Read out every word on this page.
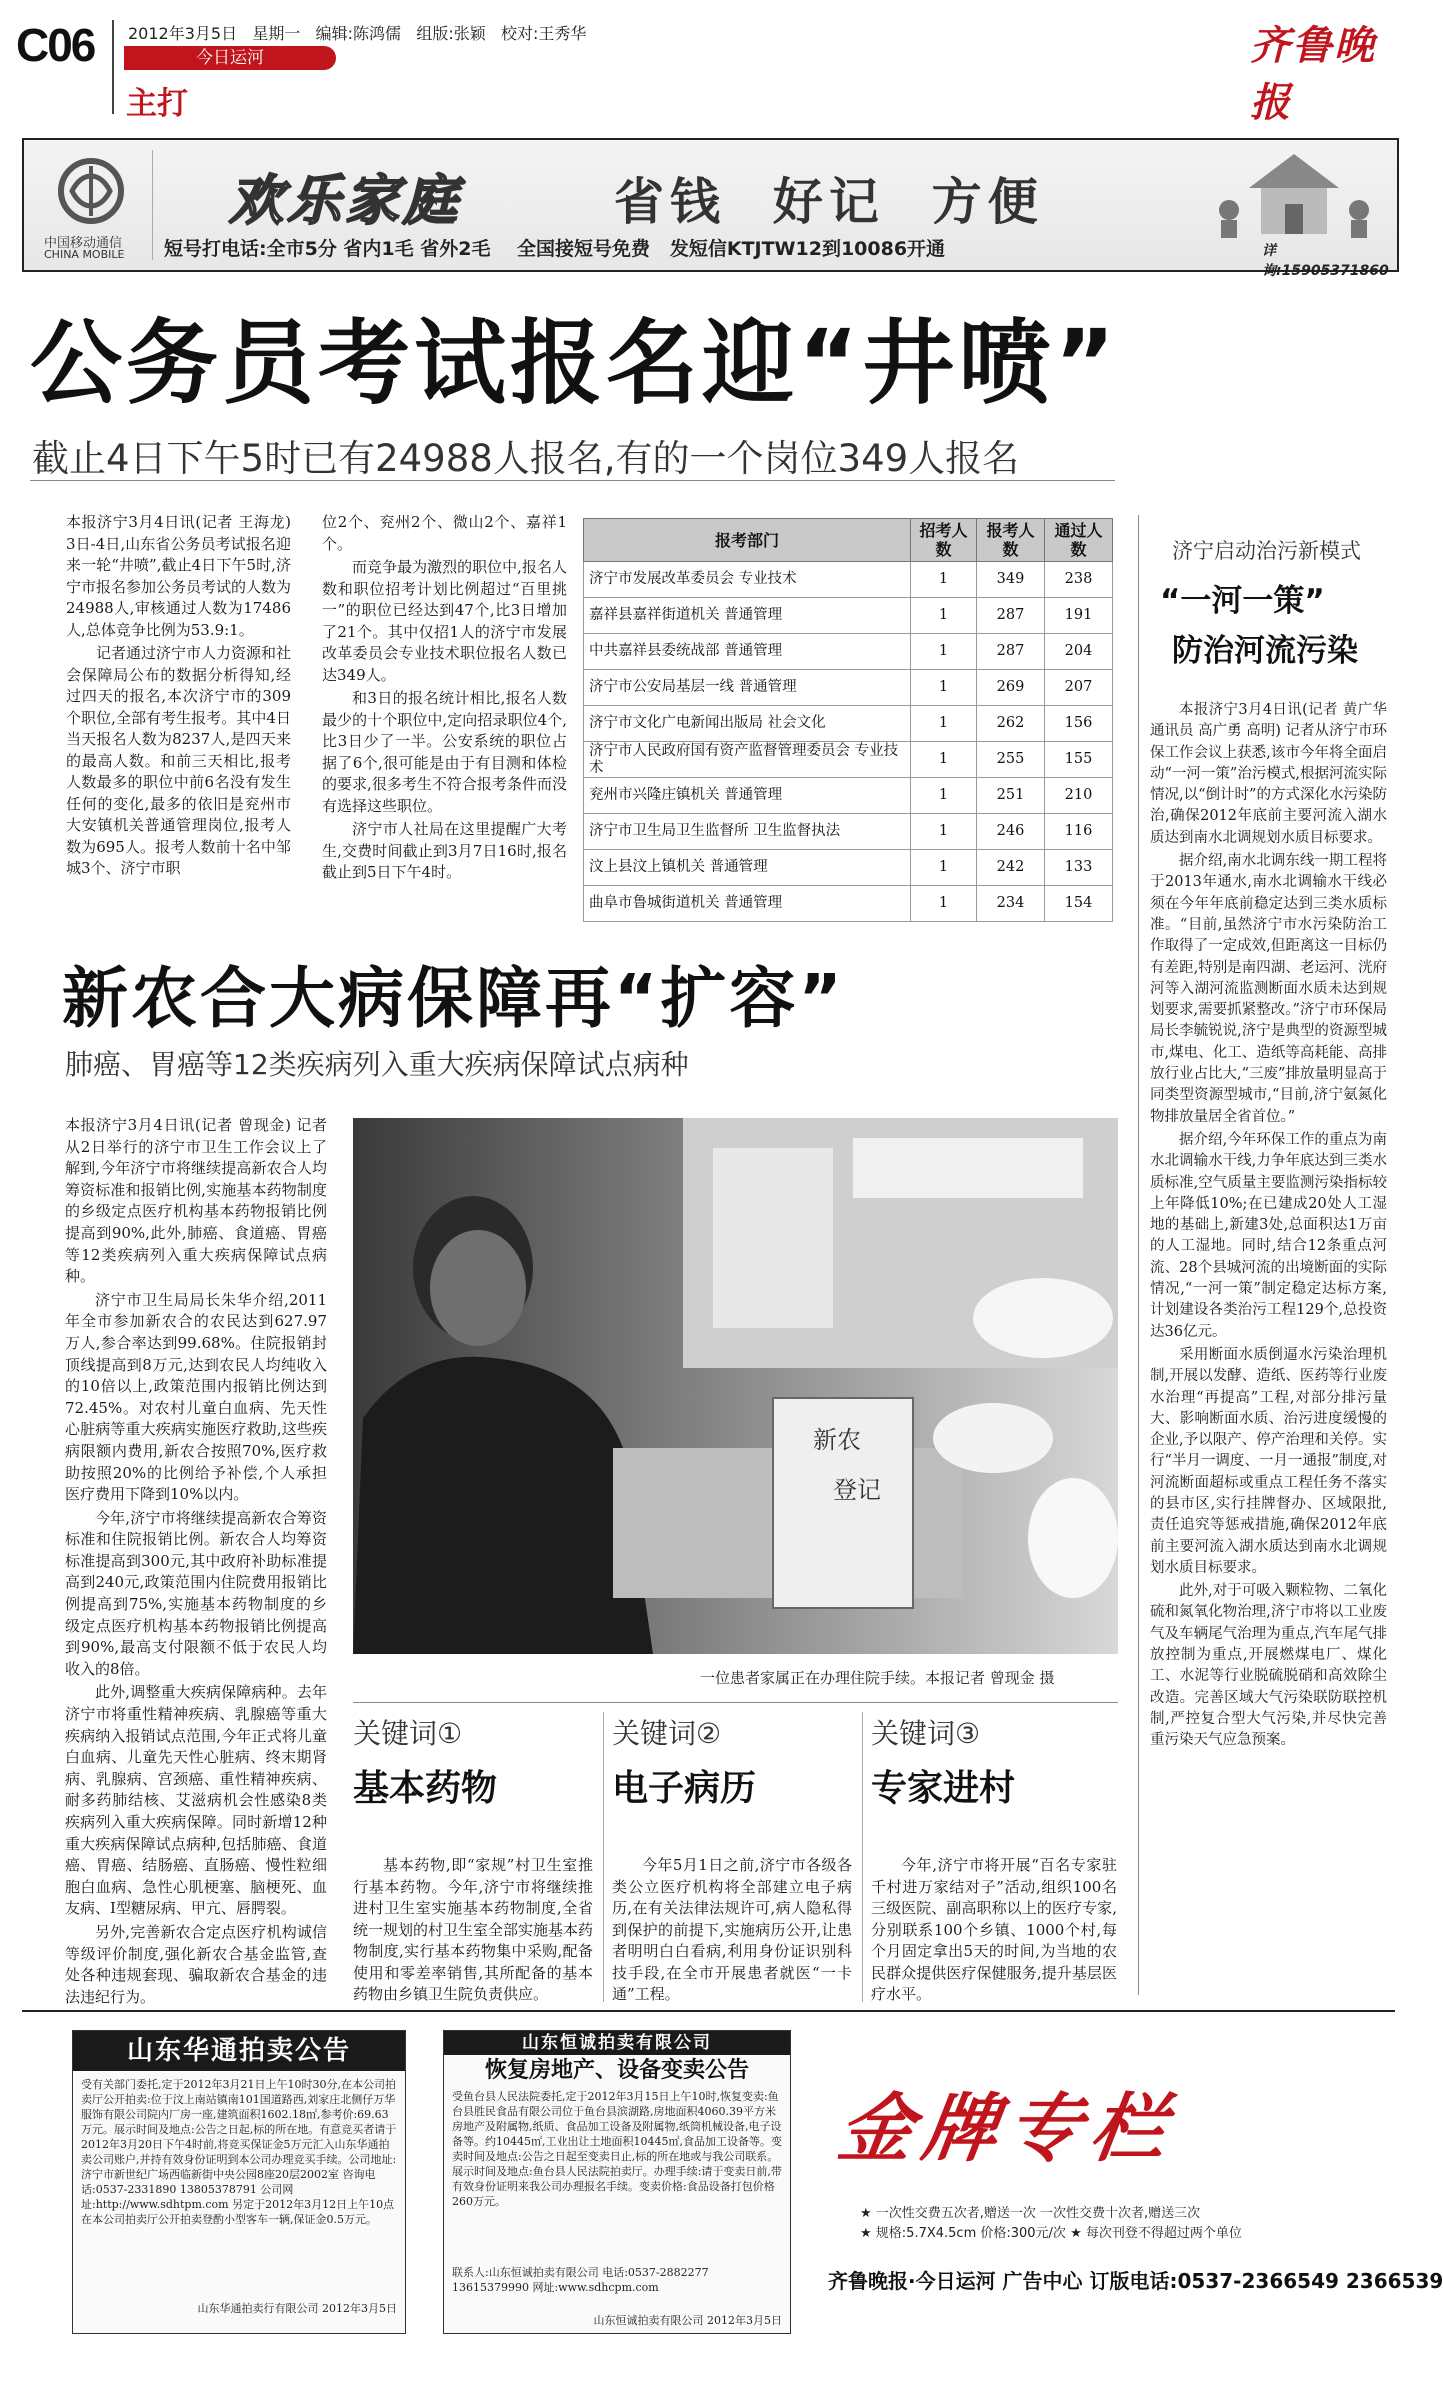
C06 2012年3月5日 星期一 编辑:陈鸿儒 组版:张颖 校对:王秀华
今日运河
主打
齐鲁晚报
中国移动通信
CHINA MOBILE
欢乐家庭	省钱 好记 方便
短号打电话:全市5分 省内1毛 省外2毛 全国接短号免费 发短信KTJTW12到10086开通	详询:15905371860
公务员考试报名迎“井喷”
截止4日下午5时已有24988人报名,有的一个岗位349人报名

本报济宁3月4日讯(记者 王海龙) 3日-4日,山东省公务员考试报名迎来一轮“井喷”,截止4日下午5时,济宁市报名参加公务员考试的人数为24988人,审核通过人数为17486人,总体竞争比例为53.9:1。

记者通过济宁市人力资源和社会保障局公布的数据分析得知,经过四天的报名,本次济宁市的309个职位,全部有考生报考。其中4日当天报名人数为8237人,是四天来的最高人数。和前三天相比,报考人数最多的职位中前6名没有发生任何的变化,最多的依旧是兖州市大安镇机关普通管理岗位,报考人数为695人。报考人数前十名中邹城3个、济宁市职

位2个、兖州2个、微山2个、嘉祥1个。

而竞争最为激烈的职位中,报名人数和职位招考计划比例超过“百里挑一”的职位已经达到47个,比3日增加了21个。其中仅招1人的济宁市发展改革委员会专业技术职位报名人数已达349人。

和3日的报名统计相比,报名人数最少的十个职位中,定向招录职位4个,比3日少了一半。公安系统的职位占据了6个,很可能是由于有目测和体检的要求,很多考生不符合报考条件而没有选择这些职位。

济宁市人社局在这里提醒广大考生,交费时间截止到3月7日16时,报名截止到5日下午4时。

报考部门	招考人数	报考人数	通过人数
济宁市发展改革委员会 专业技术	1	349	238
嘉祥县嘉祥街道机关 普通管理	1	287	191
中共嘉祥县委统战部 普通管理	1	287	204
济宁市公安局基层一线 普通管理	1	269	207
济宁市文化广电新闻出版局 社会文化	1	262	156
济宁市人民政府国有资产监督管理委员会 专业技术	1	255	155
兖州市兴隆庄镇机关 普通管理	1	251	210
济宁市卫生局卫生监督所 卫生监督执法	1	246	116
汶上县汶上镇机关 普通管理	1	242	133
曲阜市鲁城街道机关 普通管理	1	234	154
济宁启动治污新模式
“一河一策”
防治河流污染

本报济宁3月4日讯(记者 黄广华 通讯员 高广勇 高明) 记者从济宁市环保工作会议上获悉,该市今年将全面启动“一河一策”治污模式,根据河流实际情况,以“倒计时”的方式深化水污染防治,确保2012年底前主要河流入湖水质达到南水北调规划水质目标要求。

据介绍,南水北调东线一期工程将于2013年通水,南水北调输水干线必须在今年年底前稳定达到三类水质标准。“目前,虽然济宁市水污染防治工作取得了一定成效,但距离这一目标仍有差距,特别是南四湖、老运河、洸府河等入湖河流监测断面水质未达到规划要求,需要抓紧整改。”济宁市环保局局长李毓锐说,济宁是典型的资源型城市,煤电、化工、造纸等高耗能、高排放行业占比大,“三废”排放量明显高于同类型资源型城市,“目前,济宁氨氮化物排放量居全省首位。”

据介绍,今年环保工作的重点为南水北调输水干线,力争年底达到三类水质标准,空气质量主要监测污染指标较上年降低10%;在已建成20处人工湿地的基础上,新建3处,总面积达1万亩的人工湿地。同时,结合12条重点河流、28个县城河流的出境断面的实际情况,“一河一策”制定稳定达标方案,计划建设各类治污工程129个,总投资达36亿元。

采用断面水质倒逼水污染治理机制,开展以发酵、造纸、医药等行业废水治理“再提高”工程,对部分排污量大、影响断面水质、治污进度缓慢的企业,予以限产、停产治理和关停。实行“半月一调度、一月一通报”制度,对河流断面超标或重点工程任务不落实的县市区,实行挂牌督办、区域限批,责任追究等惩戒措施,确保2012年底前主要河流入湖水质达到南水北调规划水质目标要求。

此外,对于可吸入颗粒物、二氧化硫和氮氧化物治理,济宁市将以工业废气及车辆尾气治理为重点,汽车尾气排放控制为重点,开展燃煤电厂、煤化工、水泥等行业脱硫脱硝和高效除尘改造。完善区域大气污染联防联控机制,严控复合型大气污染,并尽快完善重污染天气应急预案。

新农合大病保障再“扩容”
肺癌、胃癌等12类疾病列入重大疾病保障试点病种

本报济宁3月4日讯(记者 曾现金) 记者从2日举行的济宁市卫生工作会议上了解到,今年济宁市将继续提高新农合人均筹资标准和报销比例,实施基本药物制度的乡级定点医疗机构基本药物报销比例提高到90%,此外,肺癌、食道癌、胃癌等12类疾病列入重大疾病保障试点病种。

济宁市卫生局局长朱华介绍,2011年全市参加新农合的农民达到627.97万人,参合率达到99.68%。住院报销封顶线提高到8万元,达到农民人均纯收入的10倍以上,政策范围内报销比例达到72.45%。对农村儿童白血病、先天性心脏病等重大疾病实施医疗救助,这些疾病限额内费用,新农合按照70%,医疗救助按照20%的比例给予补偿,个人承担医疗费用下降到10%以内。

今年,济宁市将继续提高新农合筹资标准和住院报销比例。新农合人均筹资标准提高到300元,其中政府补助标准提高到240元,政策范围内住院费用报销比例提高到75%,实施基本药物制度的乡级定点医疗机构基本药物报销比例提高到90%,最高支付限额不低于农民人均收入的8倍。

此外,调整重大疾病保障病种。去年济宁市将重性精神疾病、乳腺癌等重大疾病纳入报销试点范围,今年正式将儿童白血病、儿童先天性心脏病、终末期肾病、乳腺病、宫颈癌、重性精神疾病、耐多药肺结核、艾滋病机会性感染8类疾病列入重大疾病保障。同时新增12种重大疾病保障试点病种,包括肺癌、食道癌、胃癌、结肠癌、直肠癌、慢性粒细胞白血病、急性心肌梗塞、脑梗死、血友病、I型糖尿病、甲亢、唇腭裂。

另外,完善新农合定点医疗机构诚信等级评价制度,强化新农合基金监管,查处各种违规套现、骗取新农合基金的违法违纪行为。

新农
登记
一位患者家属正在办理住院手续。本报记者 曾现金 摄
关键词①
基本药物

基本药物,即“家规”村卫生室推行基本药物。今年,济宁市将继续推进村卫生室实施基本药物制度,全省统一规划的村卫生室全部实施基本药物制度,实行基本药物集中采购,配备使用和零差率销售,其所配备的基本药物由乡镇卫生院负责供应。

关键词②
电子病历

今年5月1日之前,济宁市各级各类公立医疗机构将全部建立电子病历,在有关法律法规许可,病人隐私得到保护的前提下,实施病历公开,让患者明明白白看病,利用身份证识别科技手段,在全市开展患者就医“一卡通”工程。

关键词③
专家进村

今年,济宁市将开展“百名专家驻千村进万家结对子”活动,组织100名三级医院、副高职称以上的医疗专家,分别联系100个乡镇、1000个村,每个月固定拿出5天的时间,为当地的农民群众提供医疗保健服务,提升基层医疗水平。

山东华通拍卖公告
受有关部门委托,定于2012年3月21日上午10时30分,在本公司拍卖厅公开拍卖:位于汶上南站镇南101国道路西,刘家庄北侧仔万华服饰有限公司院内厂房一座,建筑面积1602.18㎡,参考价:69.63万元。展示时间及地点:公告之日起,标的所在地。有意竞买者请于2012年3月20日下午4时前,将竞买保证金5万元汇入山东华通拍卖公司账户,并持有效身份证明到本公司办理竞买手续。公司地址:济宁市新世纪广场西临新街中央公园8座20层2002室 咨询电话:0537-2331890 13805378791 公司网址:http://www.sdhtpm.com 另定于2012年3月12日上午10点在本公司拍卖厅公开拍卖登酌小型客车一辆,保证金0.5万元。
山东华通拍卖行有限公司 2012年3月5日
山东恒诚拍卖有限公司
恢复房地产、设备变卖公告
受鱼台县人民法院委托,定于2012年3月15日上午10时,恢复变卖:鱼台县胜民食品有限公司位于鱼台县滨湖路,房地面积4060.39平方米房地产及附属物,纸质、食品加工设备及附属物,纸筒机械设备,电子设备等。约10445㎡,工业出让土地面积10445㎡,食品加工设备等。变卖时间及地点:公告之日起至变卖日止,标的所在地或与我公司联系。展示时间及地点:鱼台县人民法院拍卖厅。办理手续:请于变卖日前,带有效身份证明来我公司办理报名手续。变卖价格:食品设备打包价格260万元。
联系人:山东恒诚拍卖有限公司 电话:0537-2882277 13615379990 网址:www.sdhcpm.com
山东恒诚拍卖有限公司 2012年3月5日
金牌专栏
★ 一次性交费五次者,赠送一次 一次性交费十次者,赠送三次
★ 规格:5.7X4.5cm 价格:300元/次 ★ 每次刊登不得超过两个单位
齐鲁晚报·今日运河 广告中心 订版电话:0537-2366549 2366539
